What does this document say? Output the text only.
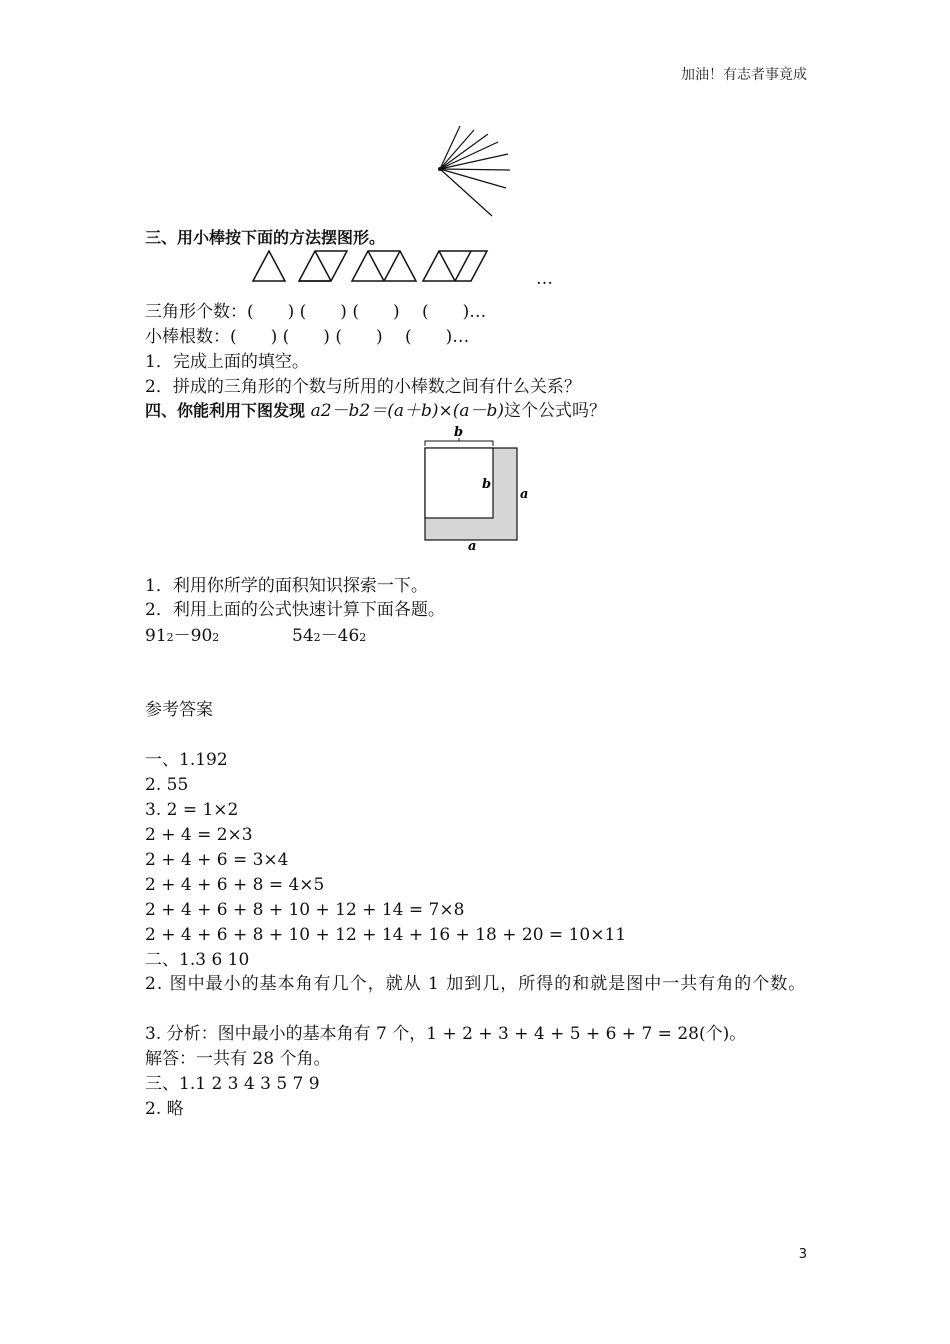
加油！有志者事竟成
三、用小棒按下面的方法摆图形。
…
三角形个数：(　　) (　　) (　　)　 (　　)…
小棒根数：(　　) (　　) (　　)　 (　　)…
1．完成上面的填空。
2．拼成的三角形的个数与所用的小棒数之间有什么关系？
四、你能利用下图发现 a2－b2＝(a＋b)×(a－b)这个公式吗？
b
b
a
a
1．利用你所学的面积知识探索一下。
2．利用上面的公式快速计算下面各题。
912－902	542－462
参考答案
一、1.192
2. 55
3. 2 = 1×2
2 + 4 = 2×3
2 + 4 + 6 = 3×4
2 + 4 + 6 + 8 = 4×5
2 + 4 + 6 + 8 + 10 + 12 + 14 = 7×8
2 + 4 + 6 + 8 + 10 + 12 + 14 + 16 + 18 + 20 = 10×11
二、1.3 6 10
2. 图中最小的基本角有几个，就从 1 加到几，所得的和就是图中一共有角的个数。
3. 分析：图中最小的基本角有 7 个，1 + 2 + 3 + 4 + 5 + 6 + 7 = 28(个)。
解答：一共有 28 个角。
三、1.1 2 3 4 3 5 7 9
2. 略
3
